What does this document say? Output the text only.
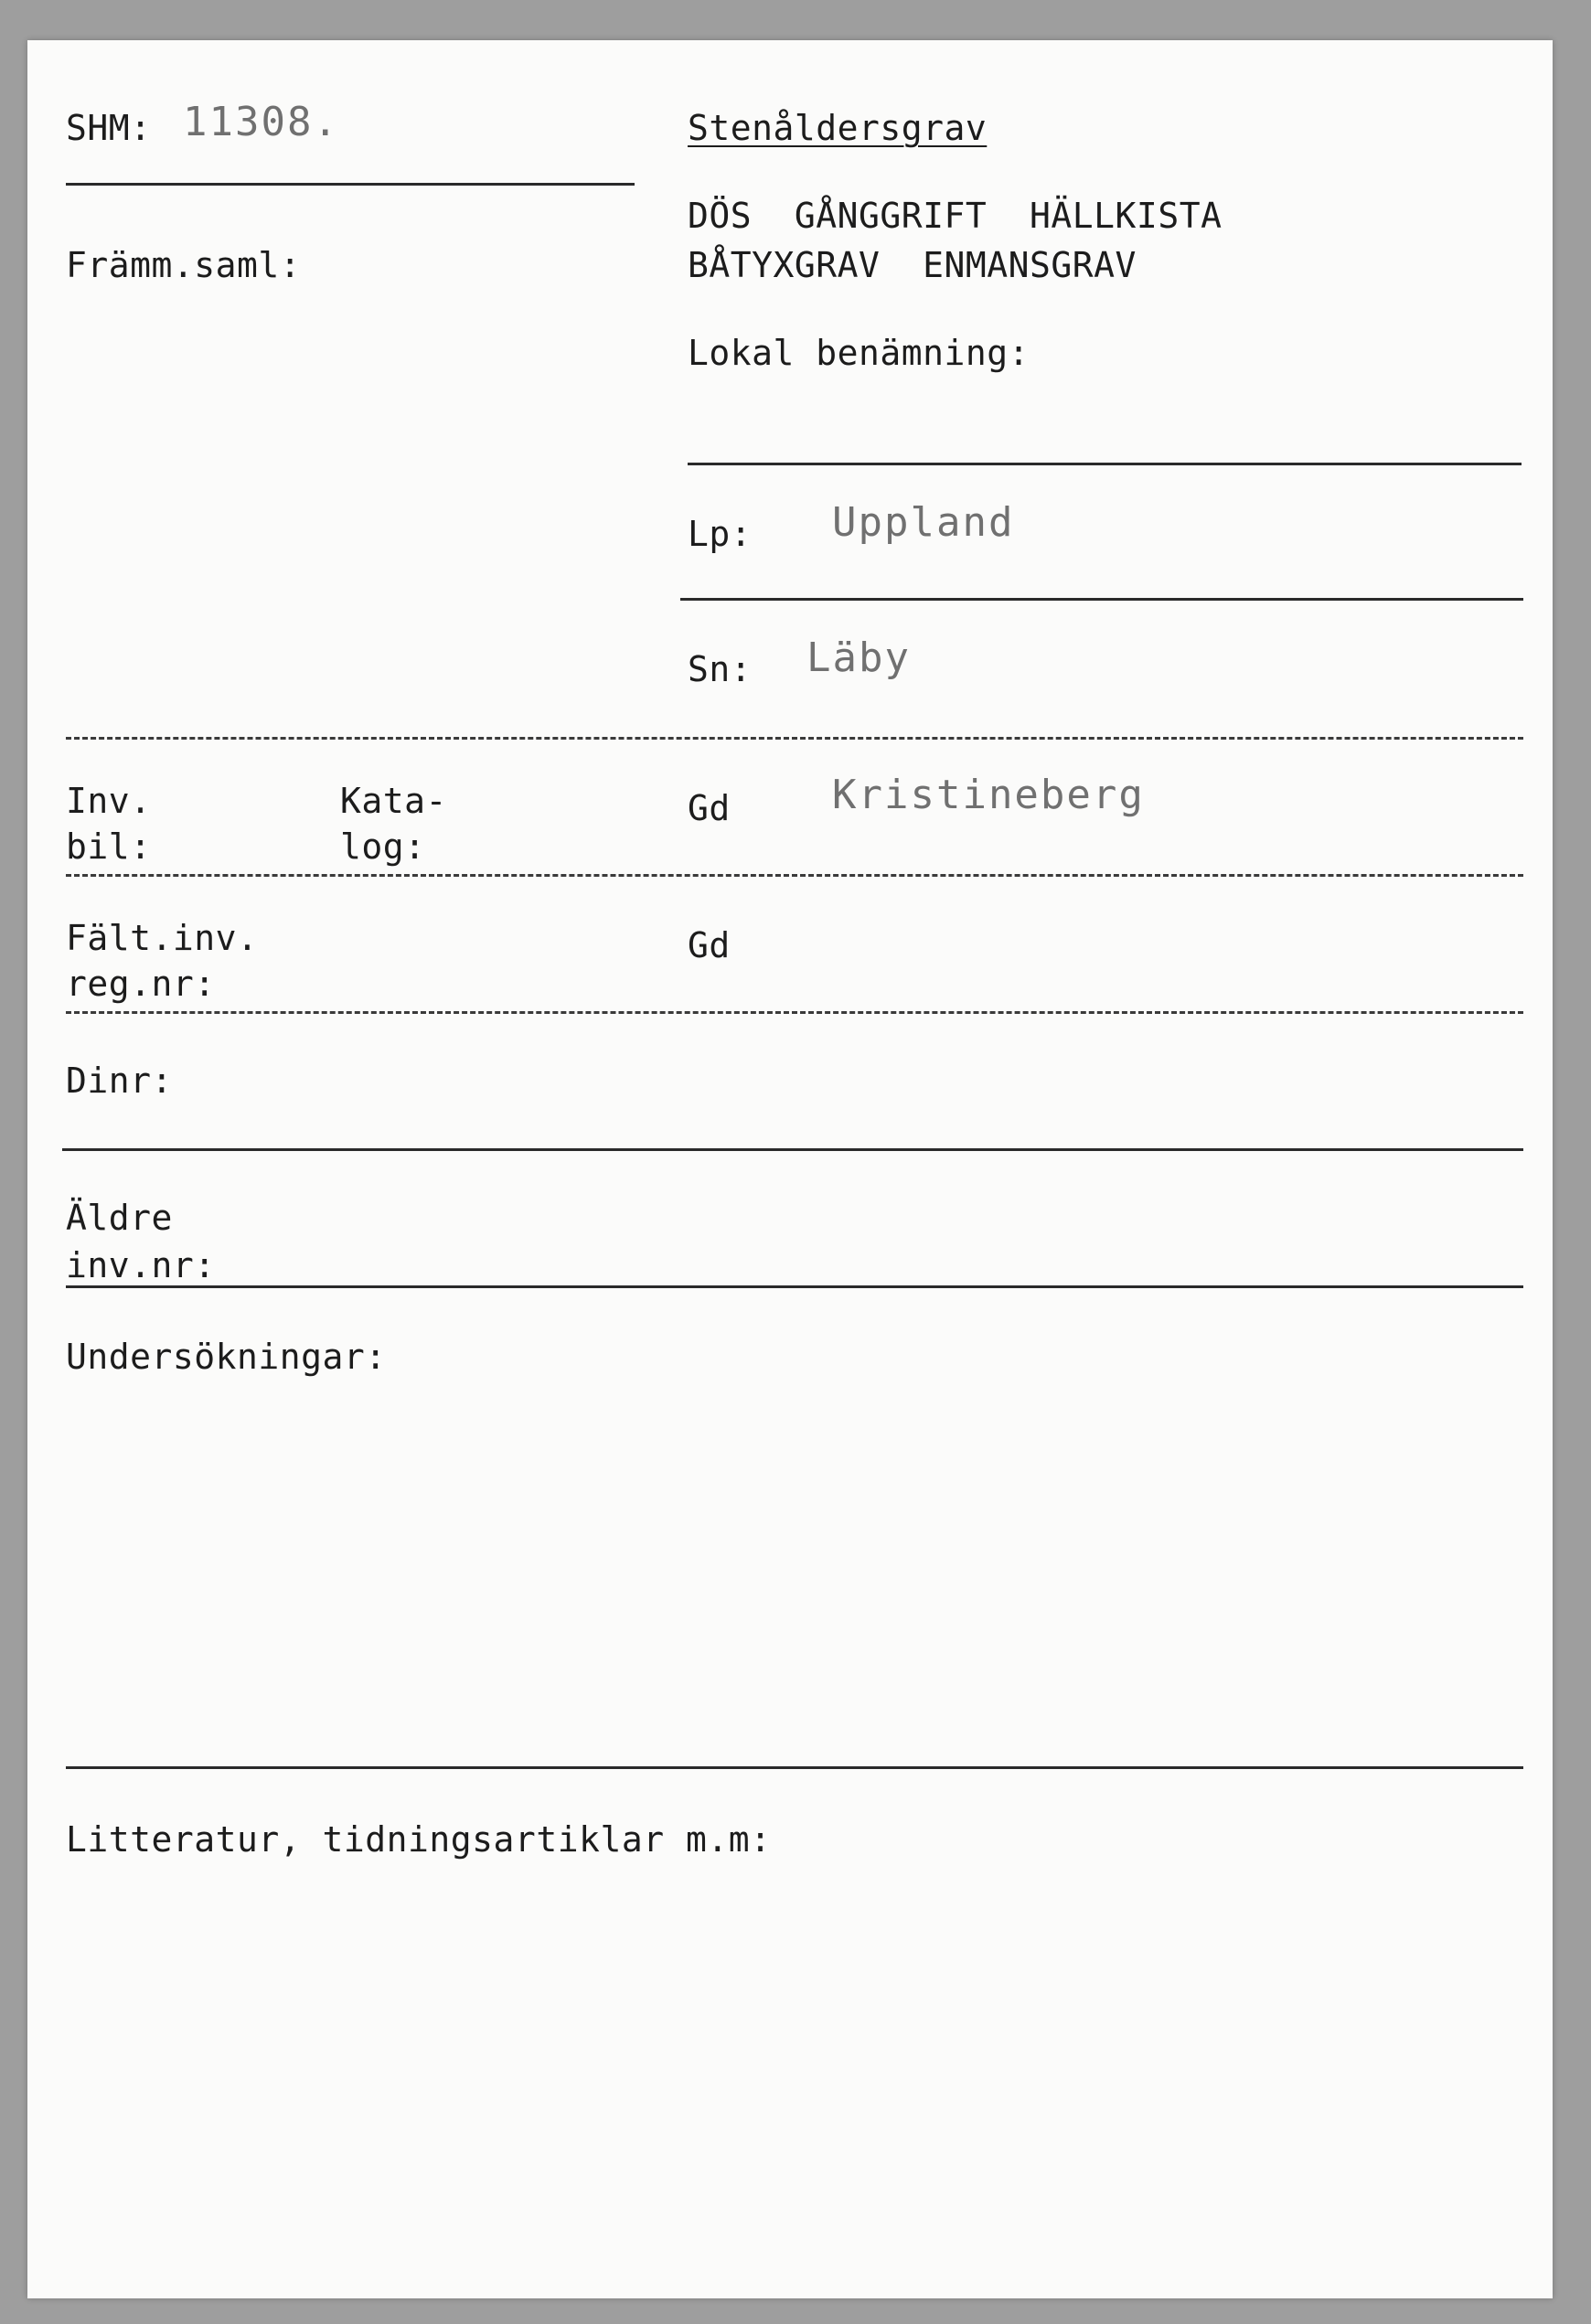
SHM: 11308.
Främm.saml:
Stenåldersgrav
DÖS  GÅNGGRIFT  HÄLLKISTA
BÅTYXGRAV  ENMANSGRAV
Lokal benämning:
Lp: Uppland
Sn: Läby
Inv.
bil:
Kata-
log:
Gd	Kristineberg
Fält.inv.
reg.nr:
Gd
Dinr:
Äldre
inv.nr:
Undersökningar:
Litteratur, tidningsartiklar m.m:
